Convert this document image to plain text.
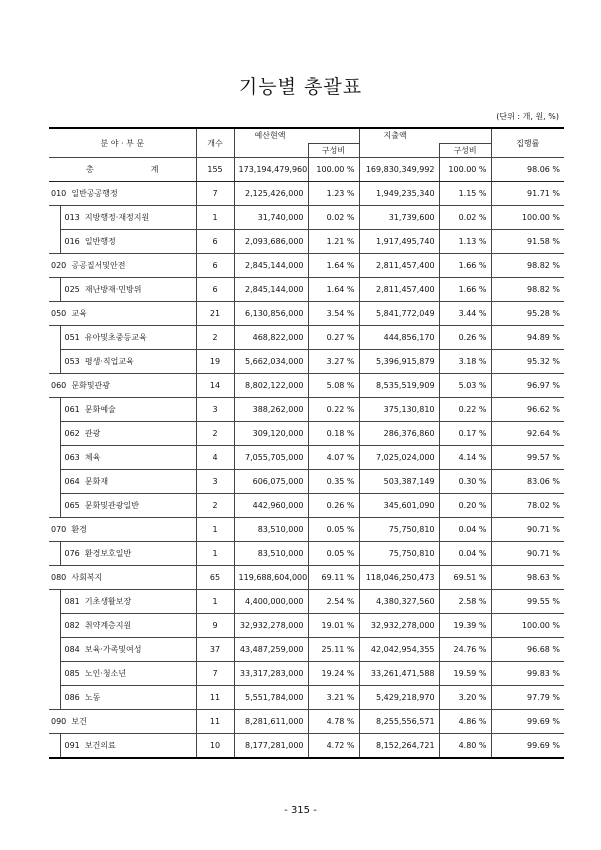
기능별 총괄표
(단위 : 개, 원, %)
분 야 · 부 문		개수	예산현액		지출액		집행률
				구성비		구성비	
총 계		155	173,194,479,960	100.00 %	169,830,349,992	100.00 %	98.06 %
010 일반공공행정		7	2,125,426,000	1.23 %	1,949,235,340	1.15 %	91.71 %
	013 지방행정·재정지원	1	31,740,000	0.02 %	31,739,600	0.02 %	100.00 %
	016 일반행정	6	2,093,686,000	1.21 %	1,917,495,740	1.13 %	91.58 %
020 공공질서및안전		6	2,845,144,000	1.64 %	2,811,457,400	1.66 %	98.82 %
	025 재난방재·민방위	6	2,845,144,000	1.64 %	2,811,457,400	1.66 %	98.82 %
050 교육		21	6,130,856,000	3.54 %	5,841,772,049	3.44 %	95.28 %
	051 유아및초중등교육	2	468,822,000	0.27 %	444,856,170	0.26 %	94.89 %
	053 평생·직업교육	19	5,662,034,000	3.27 %	5,396,915,879	3.18 %	95.32 %
060 문화및관광		14	8,802,122,000	5.08 %	8,535,519,909	5.03 %	96.97 %
	061 문화예술	3	388,262,000	0.22 %	375,130,810	0.22 %	96.62 %
	062 관광	2	309,120,000	0.18 %	286,376,860	0.17 %	92.64 %
	063 체육	4	7,055,705,000	4.07 %	7,025,024,000	4.14 %	99.57 %
	064 문화재	3	606,075,000	0.35 %	503,387,149	0.30 %	83.06 %
	065 문화및관광일반	2	442,960,000	0.26 %	345,601,090	0.20 %	78.02 %
070 환경		1	83,510,000	0.05 %	75,750,810	0.04 %	90.71 %
	076 환경보호일반	1	83,510,000	0.05 %	75,750,810	0.04 %	90.71 %
080 사회복지		65	119,688,604,000	69.11 %	118,046,250,473	69.51 %	98.63 %
	081 기초생활보장	1	4,400,000,000	2.54 %	4,380,327,560	2.58 %	99.55 %
	082 취약계층지원	9	32,932,278,000	19.01 %	32,932,278,000	19.39 %	100.00 %
	084 보육·가족및여성	37	43,487,259,000	25.11 %	42,042,954,355	24.76 %	96.68 %
	085 노인·청소년	7	33,317,283,000	19.24 %	33,261,471,588	19.59 %	99.83 %
	086 노동	11	5,551,784,000	3.21 %	5,429,218,970	3.20 %	97.79 %
090 보건		11	8,281,611,000	4.78 %	8,255,556,571	4.86 %	99.69 %
	091 보건의료	10	8,177,281,000	4.72 %	8,152,264,721	4.80 %	99.69 %
- 315 -
